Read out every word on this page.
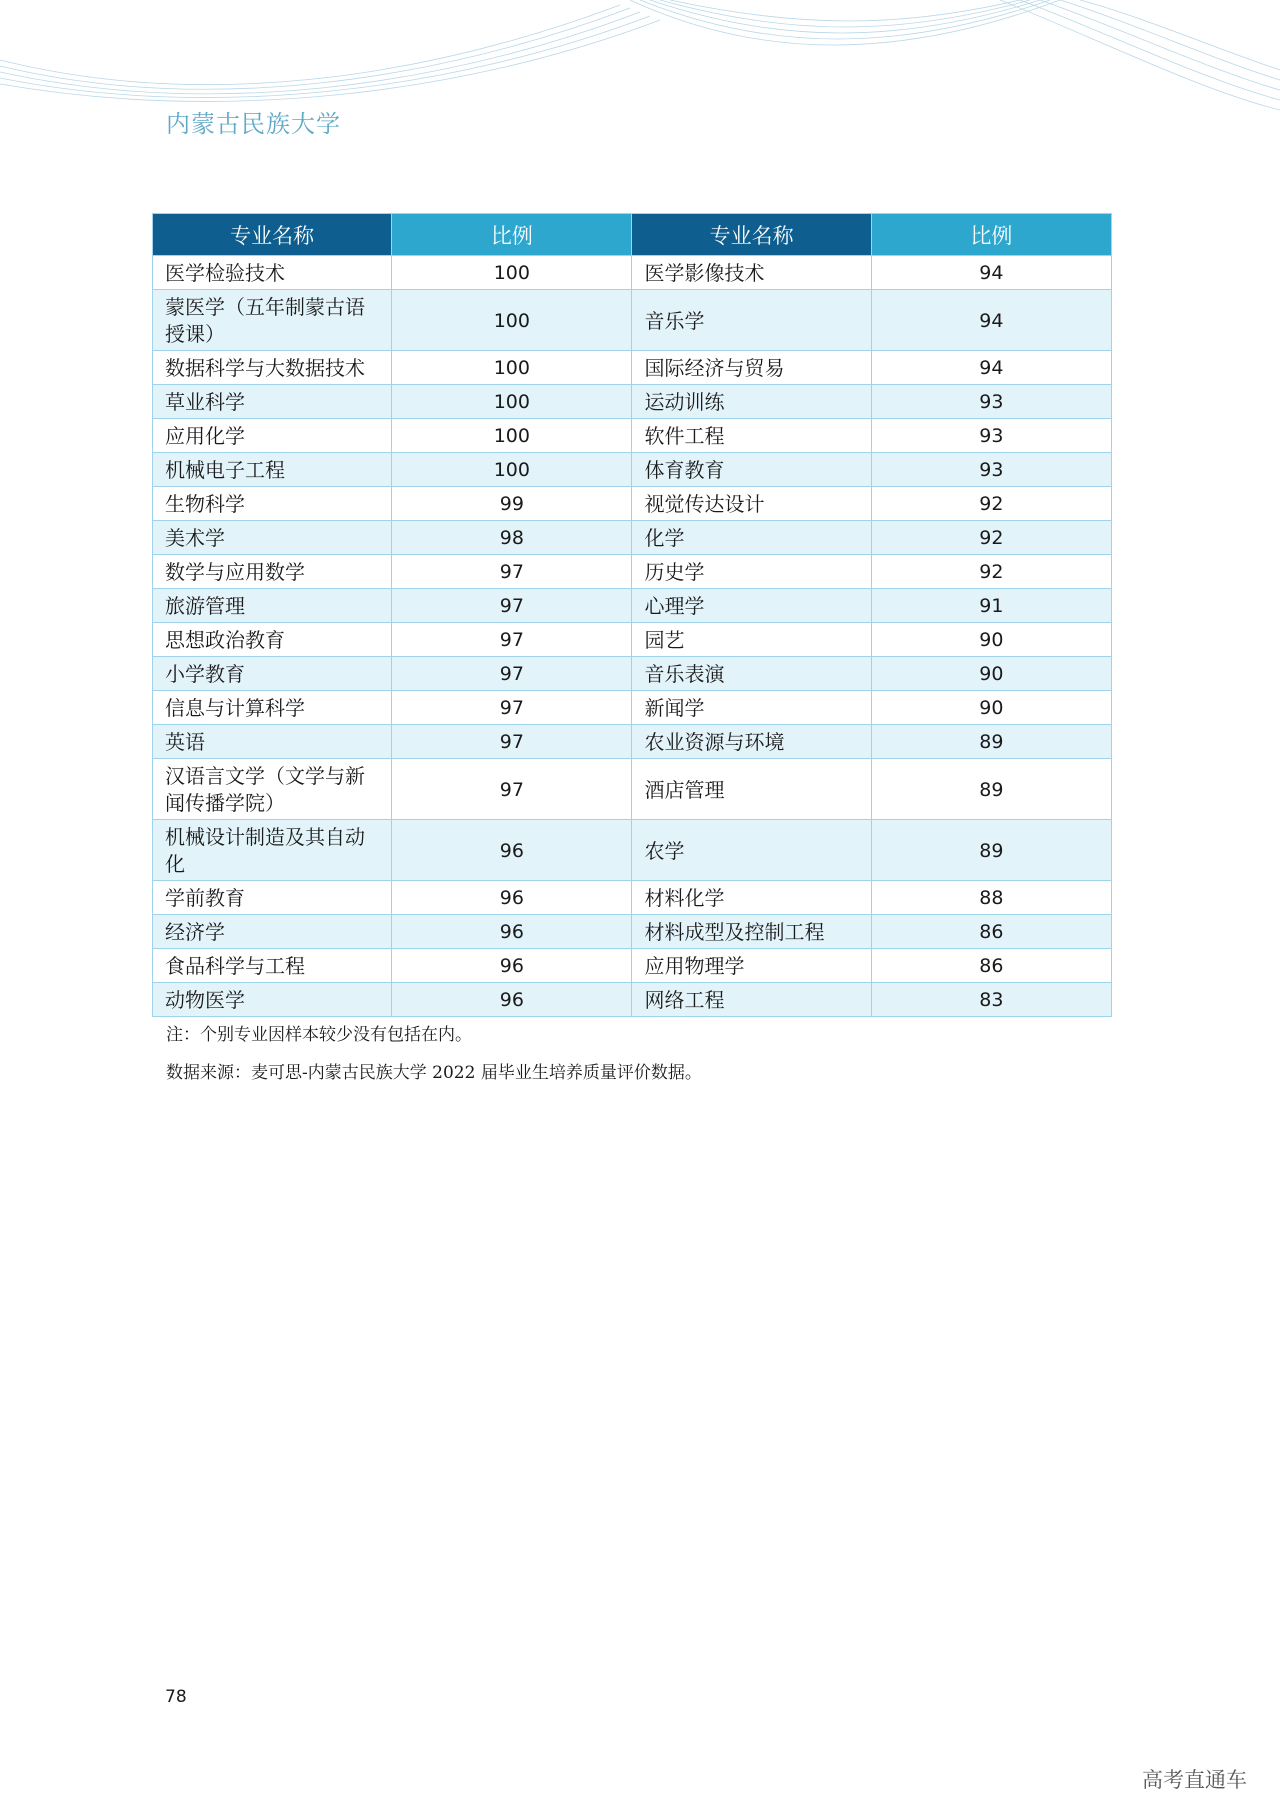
内蒙古民族大学
专业名称	比例	专业名称	比例
医学检验技术	100	医学影像技术	94
蒙医学（五年制蒙古语授课）	100	音乐学	94
数据科学与大数据技术	100	国际经济与贸易	94
草业科学	100	运动训练	93
应用化学	100	软件工程	93
机械电子工程	100	体育教育	93
生物科学	99	视觉传达设计	92
美术学	98	化学	92
数学与应用数学	97	历史学	92
旅游管理	97	心理学	91
思想政治教育	97	园艺	90
小学教育	97	音乐表演	90
信息与计算科学	97	新闻学	90
英语	97	农业资源与环境	89
汉语言文学（文学与新闻传播学院）	97	酒店管理	89
机械设计制造及其自动化	96	农学	89
学前教育	96	材料化学	88
经济学	96	材料成型及控制工程	86
食品科学与工程	96	应用物理学	86
动物医学	96	网络工程	83
注：个别专业因样本较少没有包括在内。
数据来源：麦可思-内蒙古民族大学 2022 届毕业生培养质量评价数据。
78
高考直通车
